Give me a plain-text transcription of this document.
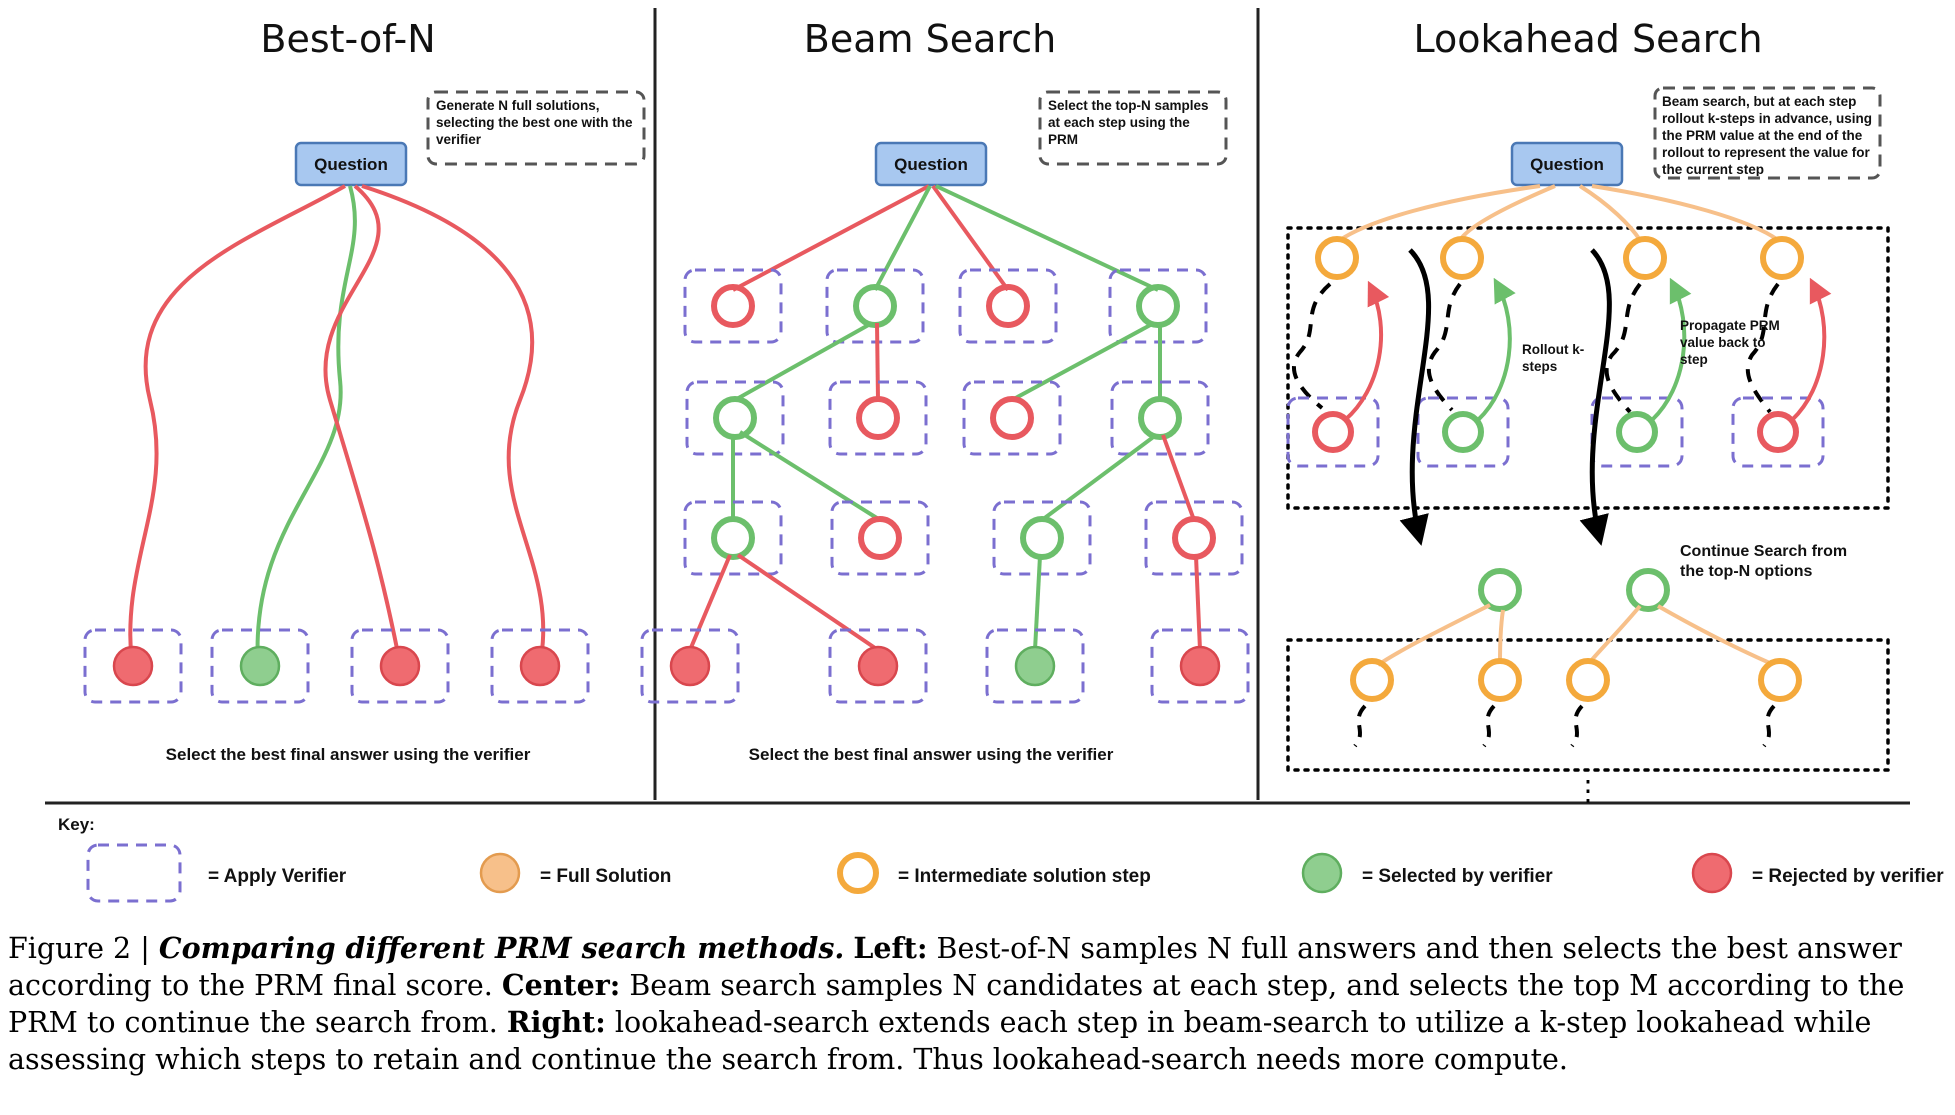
Best-of-N	Beam Search	Lookahead Search
Generate N full solutions, selecting the best one with the verifier
Question
Select the best final answer using the verifier
Select the top-N samples at each step using the PRM
Question
Select the best final answer using the verifier
Beam search, but at each step rollout k-steps in advance, using the PRM value at the end of the rollout to represent the value for the current step
Question
Rollout k-steps
Propagate PRM value back to step
Continue Search from the top-N options
⋮
Key:
= Apply Verifier	= Full Solution	= Intermediate solution step	= Selected by verifier	= Rejected by verifier
Figure 2 | Comparing different PRM search methods. Left: Best-of-N samples N full answers and then selects the best answer according to the PRM final score. Center: Beam search samples N candidates at each step, and selects the top M according to the PRM to continue the search from. Right: lookahead-search extends each step in beam-search to utilize a k-step lookahead while assessing which steps to retain and continue the search from. Thus lookahead-search needs more compute.
